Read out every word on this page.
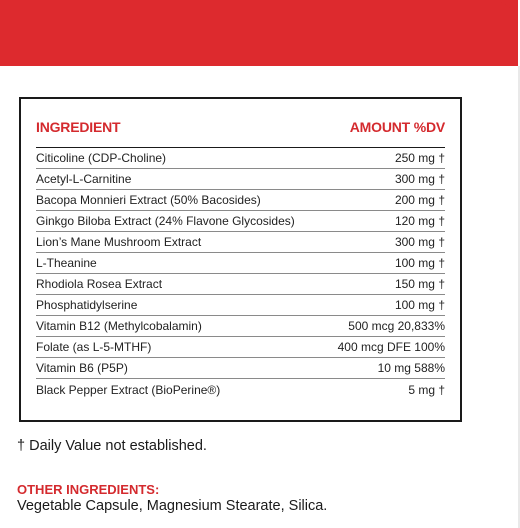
INGREDIENT	AMOUNT %DV
Citicoline (CDP-Choline)	250 mg †
Acetyl-L-Carnitine	300 mg †
Bacopa Monnieri Extract (50% Bacosides)	200 mg †
Ginkgo Biloba Extract (24% Flavone Glycosides)	120 mg †
Lion’s Mane Mushroom Extract	300 mg †
L-Theanine	100 mg †
Rhodiola Rosea Extract	150 mg †
Phosphatidylserine	100 mg †
Vitamin B12 (Methylcobalamin)	500 mcg 20,833%
Folate (as L-5-MTHF)	400 mcg DFE 100%
Vitamin B6 (P5P)	10 mg 588%
Black Pepper Extract (BioPerine®)	5 mg †
† Daily Value not established.
OTHER INGREDIENTS:
Vegetable Capsule, Magnesium Stearate, Silica.
